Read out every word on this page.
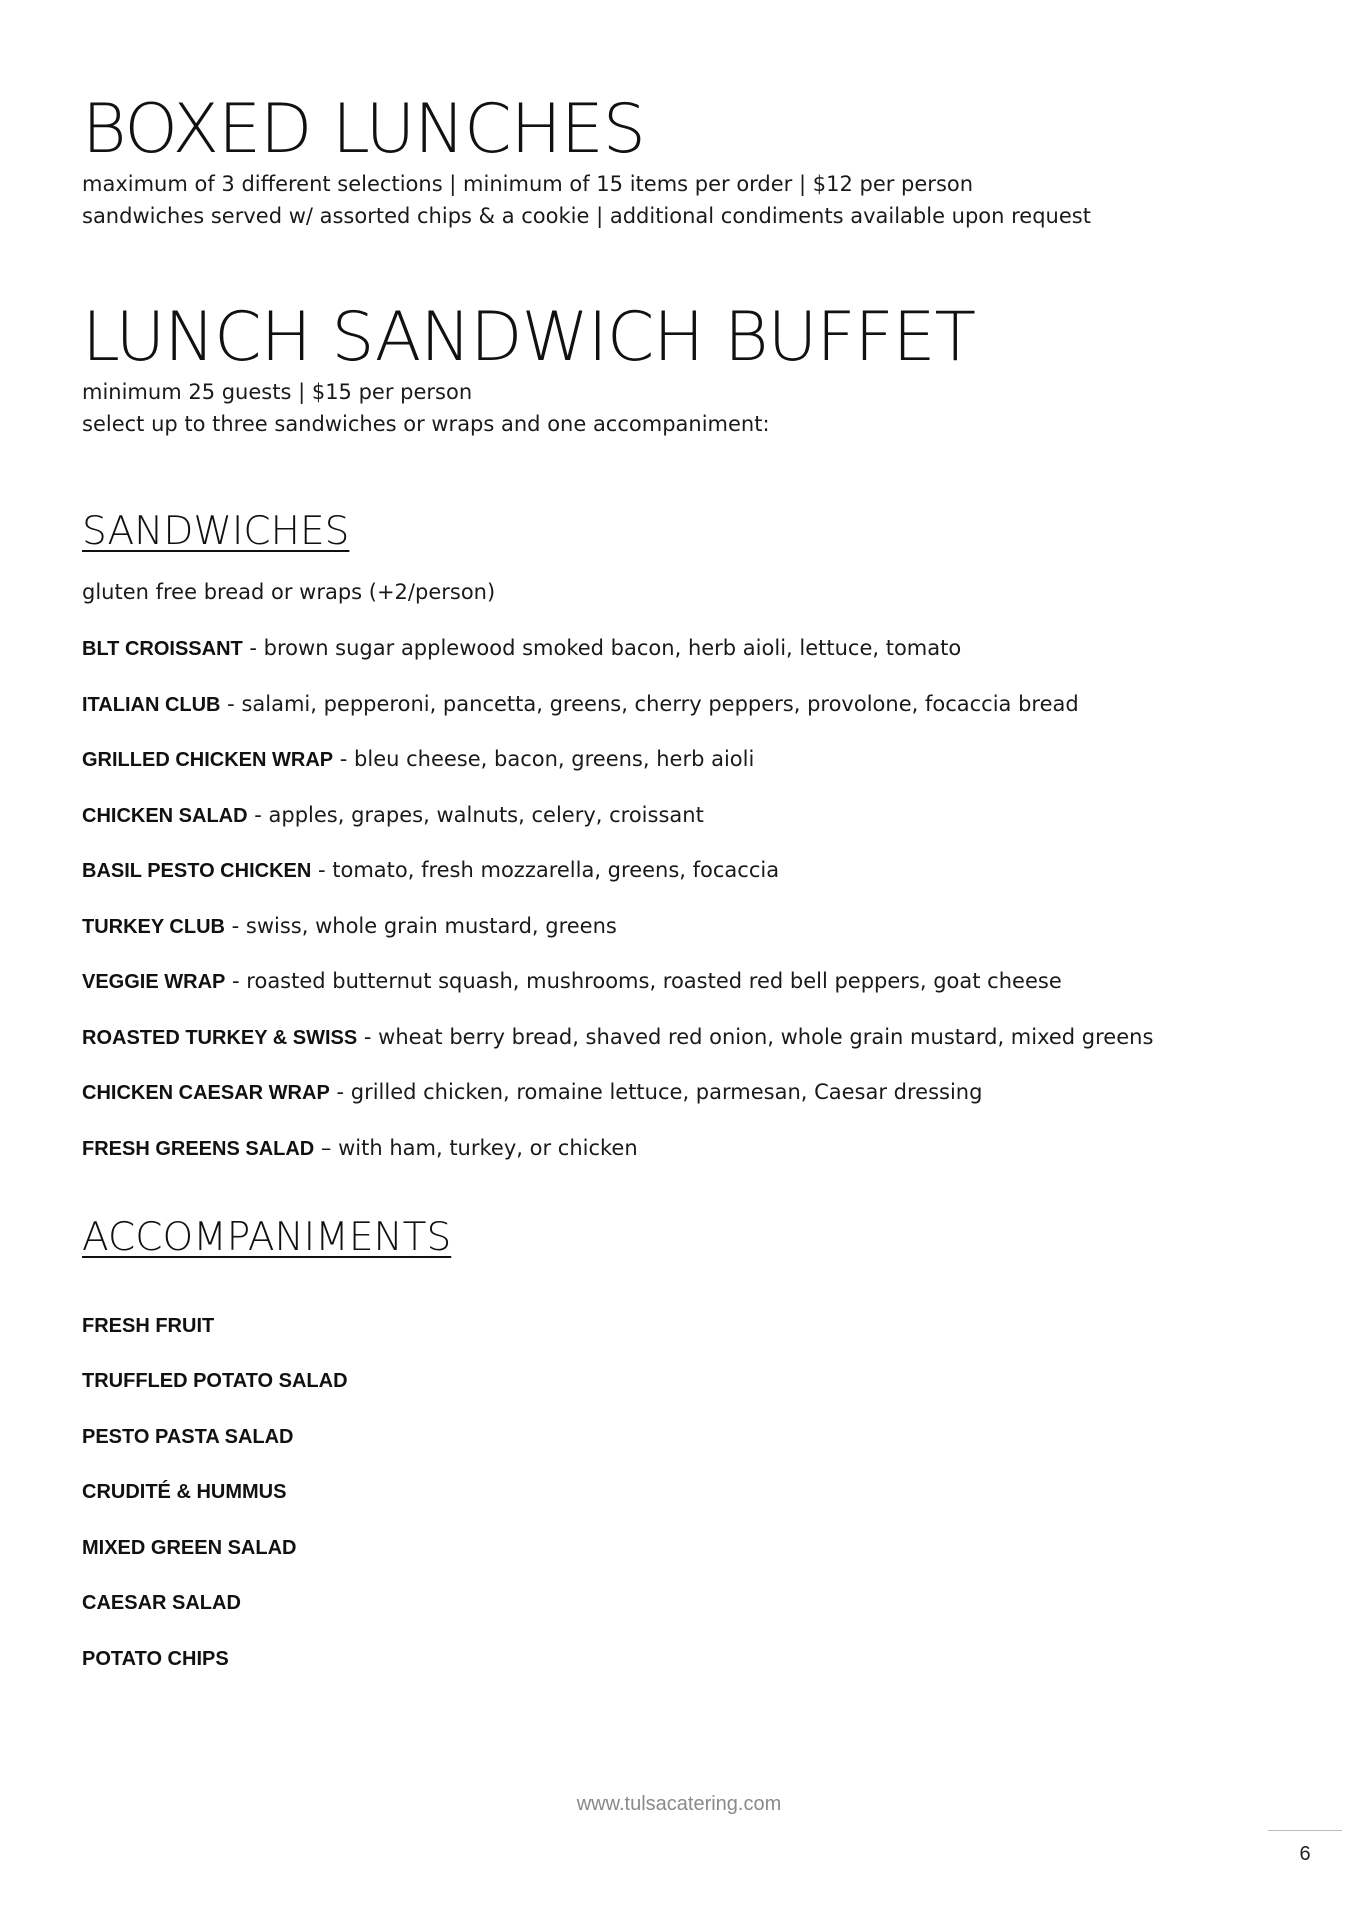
BOXED LUNCHES

maximum of 3 different selections | minimum of 15 items per order | $12 per person

sandwiches served w/ assorted chips & a cookie | additional condiments available upon request

LUNCH SANDWICH BUFFET

minimum 25 guests | $15 per person

select up to three sandwiches or wraps and one accompaniment:

SANDWICHES

gluten free bread or wraps (+2/person)

BLT CROISSANT - brown sugar applewood smoked bacon, herb aioli, lettuce, tomato
ITALIAN CLUB - salami, pepperoni, pancetta, greens, cherry peppers, provolone, focaccia bread
GRILLED CHICKEN WRAP - bleu cheese, bacon, greens, herb aioli
CHICKEN SALAD - apples, grapes, walnuts, celery, croissant
BASIL PESTO CHICKEN - tomato, fresh mozzarella, greens, focaccia
TURKEY CLUB - swiss, whole grain mustard, greens
VEGGIE WRAP - roasted butternut squash, mushrooms, roasted red bell peppers, goat cheese
ROASTED TURKEY & SWISS - wheat berry bread, shaved red onion, whole grain mustard, mixed greens
CHICKEN CAESAR WRAP - grilled chicken, romaine lettuce, parmesan, Caesar dressing
FRESH GREENS SALAD – with ham, turkey, or chicken
ACCOMPANIMENTS
FRESH FRUIT
TRUFFLED POTATO SALAD
PESTO PASTA SALAD
CRUDITÉ & HUMMUS
MIXED GREEN SALAD
CAESAR SALAD
POTATO CHIPS
www.tulsacatering.com
6
